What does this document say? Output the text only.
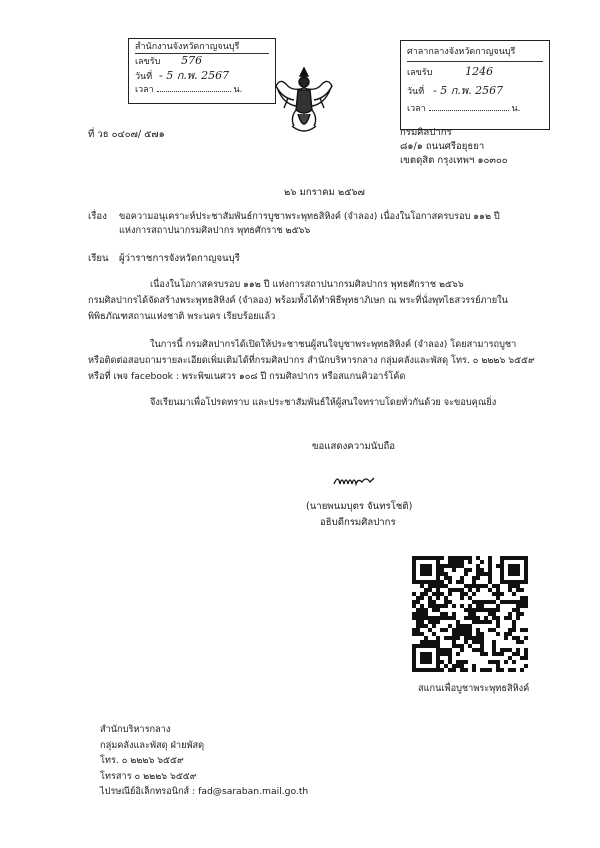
สำนักงานจังหวัดกาญจนบุรี
เลขรับ 576
วันที่ - 5 ก.พ. 2567
เวลา	น.
ศาลากลางจังหวัดกาญจนบุรี
เลขรับ	1246
วันที่ - 5 ก.พ. 2567
เวลา	น.
ที่ วธ ๐๔๐๗/ ๕๗๑	กรมศิลปากร
๘๑/๑ ถนนศรีอยุธยา
เขตดุสิต กรุงเทพฯ ๑๐๓๐๐
๒๖ มกราคม ๒๕๖๗
เรื่อง ขอความอนุเคราะห์ประชาสัมพันธ์การบูชาพระพุทธสิหิงค์ (จำลอง) เนื่องในโอกาสครบรอบ ๑๑๒ ปี
แห่งการสถาปนากรมศิลปากร พุทธศักราช ๒๕๖๖
เรียน ผู้ว่าราชการจังหวัดกาญจนบุรี
เนื่องในโอกาสครบรอบ ๑๑๒ ปี แห่งการสถาปนากรมศิลปากร พุทธศักราช ๒๕๖๖
กรมศิลปากรได้จัดสร้างพระพุทธสิหิงค์ (จำลอง) พร้อมทั้งได้ทำพิธีพุทธาภิเษก ณ พระที่นั่งพุทไธสวรรย์ภายใน
พิพิธภัณฑสถานแห่งชาติ พระนคร เรียบร้อยแล้ว
ในการนี้ กรมศิลปากรได้เปิดให้ประชาชนผู้สนใจบูชาพระพุทธสิหิงค์ (จำลอง) โดยสามารถบูชา
หรือติดต่อสอบถามรายละเอียดเพิ่มเติมได้ที่กรมศิลปากร สำนักบริหารกลาง กลุ่มคลังและพัสดุ โทร. ๐ ๒๒๒๖ ๖๕๕๙
หรือที่ เพจ facebook : พระพิฆเนศวร ๑๐๘ ปี กรมศิลปากร หรือสแกนคิวอาร์โค้ด
จึงเรียนมาเพื่อโปรดทราบ และประชาสัมพันธ์ให้ผู้สนใจทราบโดยทั่วกันด้วย จะขอบคุณยิ่ง
ขอแสดงความนับถือ
(นายพนมบุตร จันทรโชติ)
อธิบดีกรมศิลปากร
สแกนเพื่อบูชาพระพุทธสิหิงค์
สำนักบริหารกลาง
กลุ่มคลังและพัสดุ ฝ่ายพัสดุ
โทร. ๐ ๒๒๒๖ ๖๕๕๙
โทรสาร ๐ ๒๒๒๖ ๖๕๕๙
ไปรษณีย์อิเล็กทรอนิกส์ : fad@saraban.mail.go.th
